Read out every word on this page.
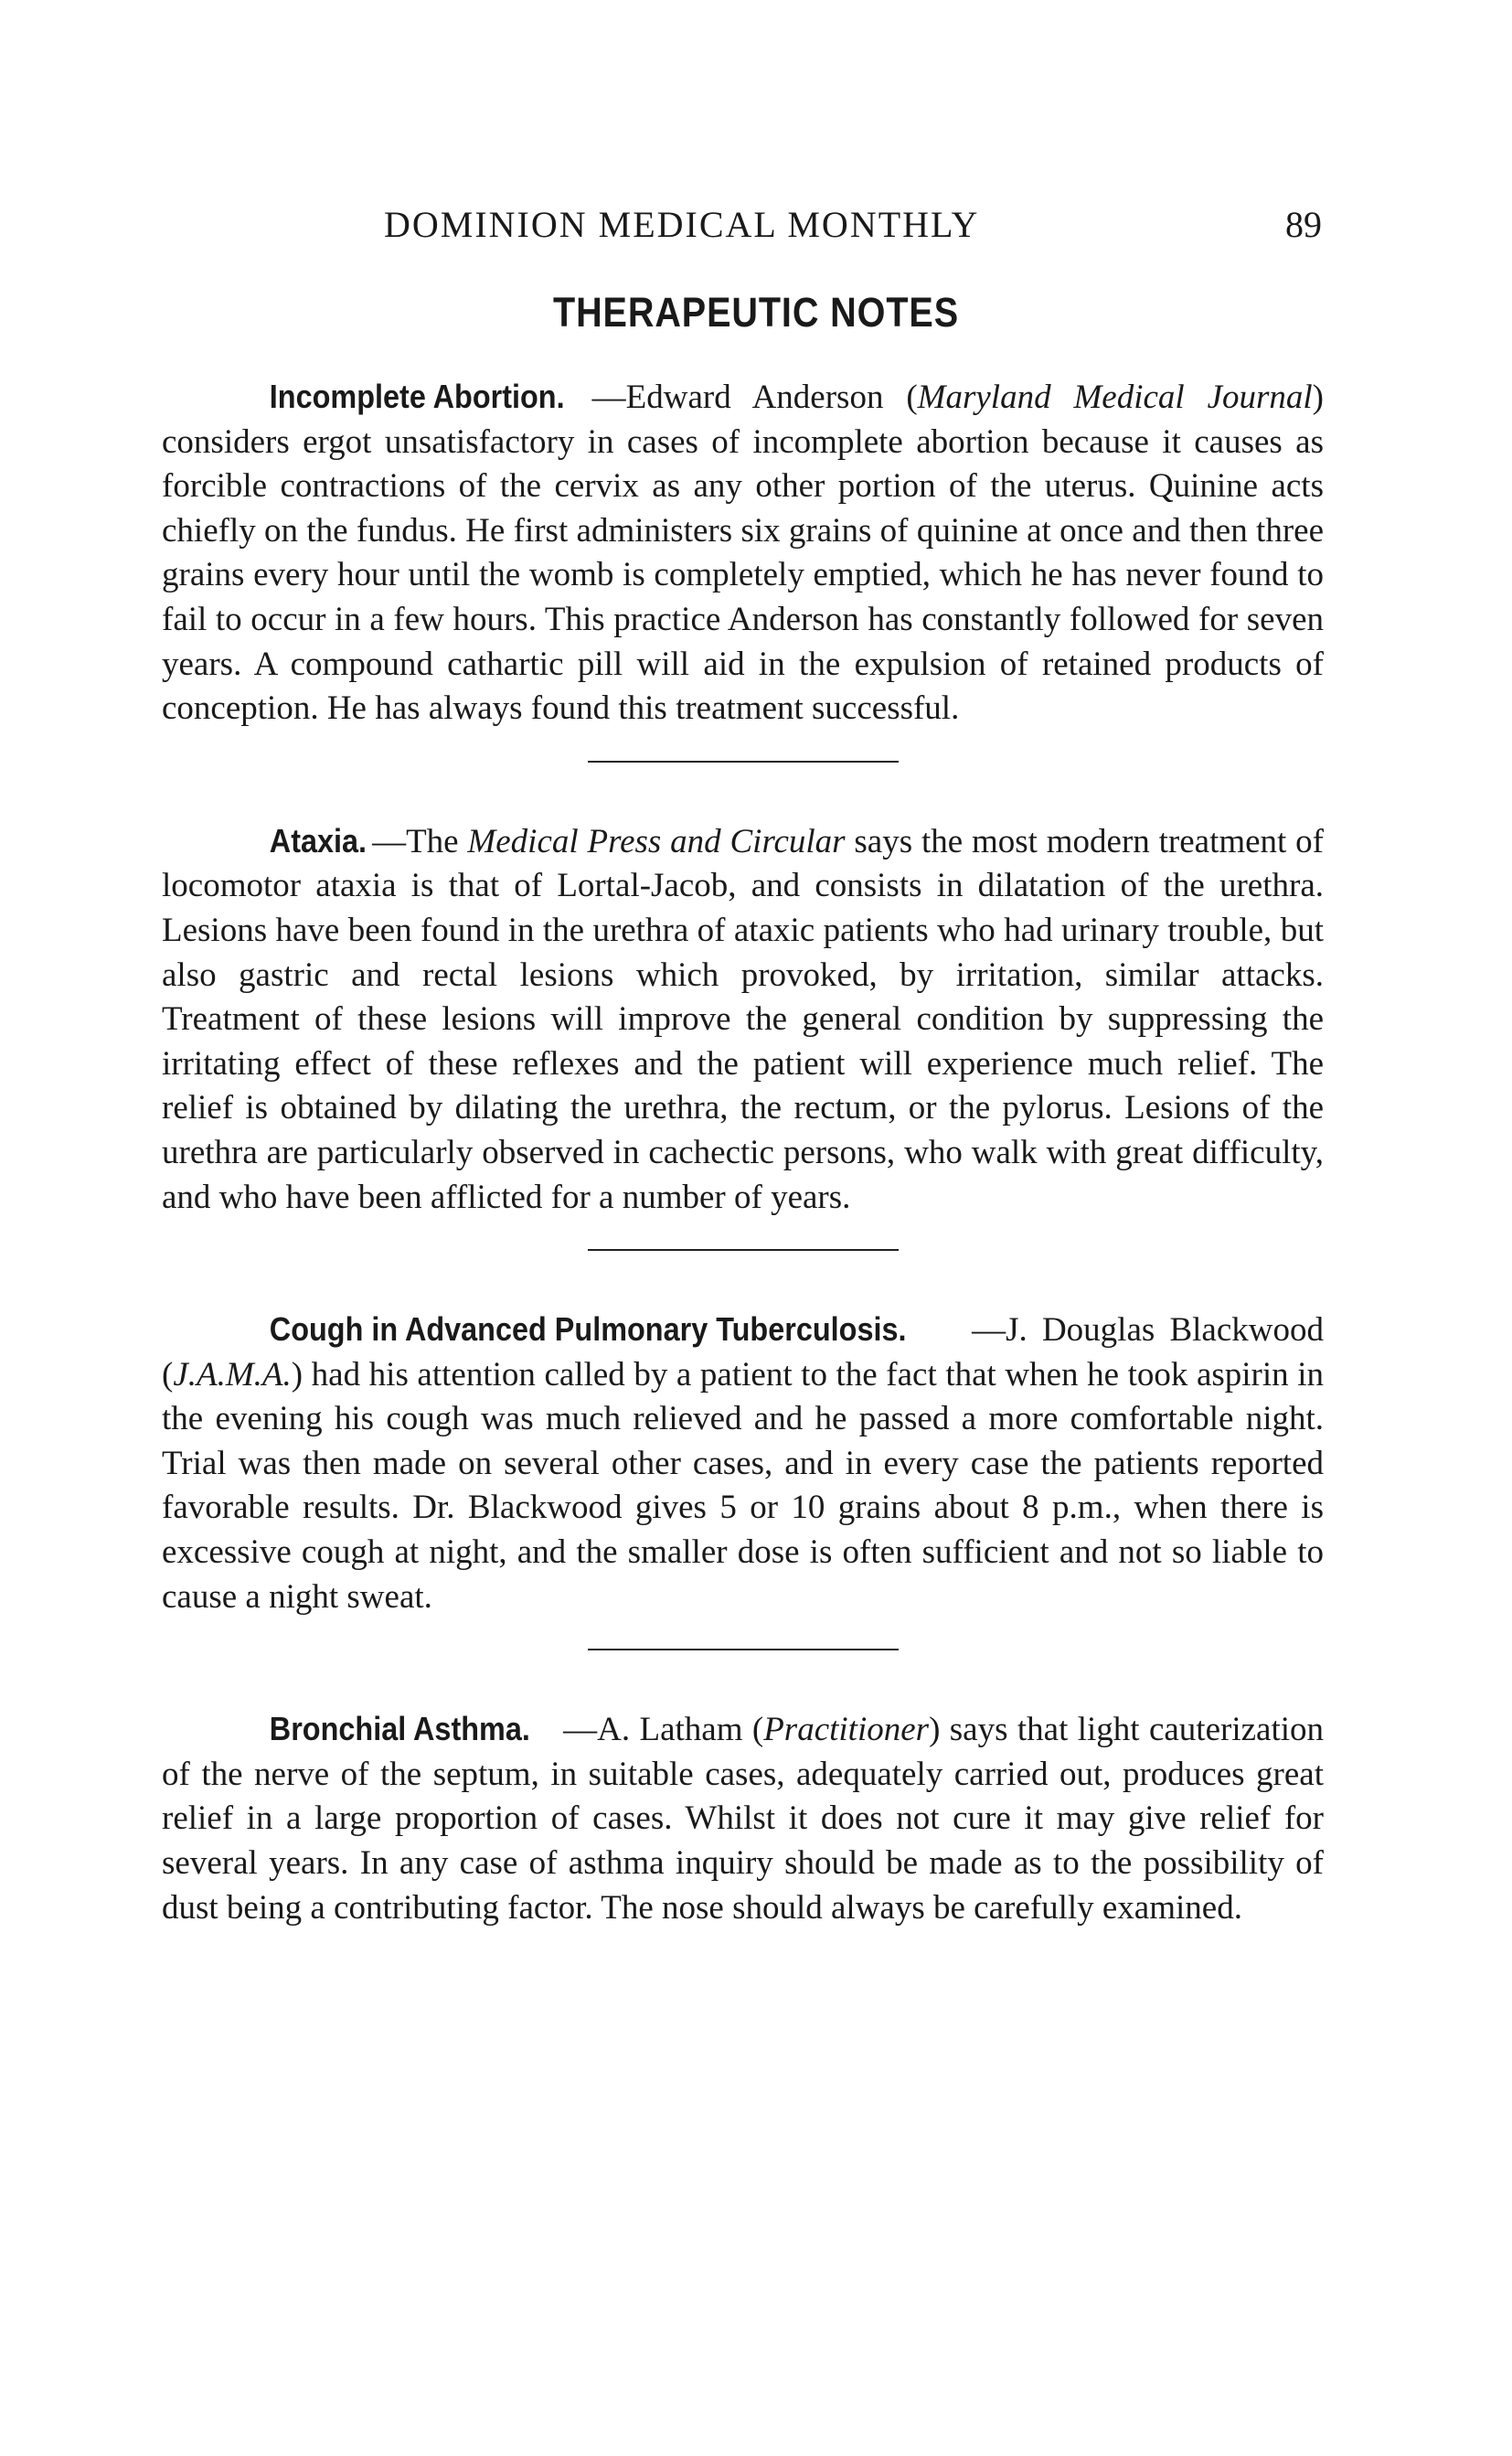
DOMINION MEDICAL MONTHLY	89
THERAPEUTIC NOTES

Incomplete Abortion. —Edward Anderson (Maryland Medical Journal) considers ergot unsatisfactory in cases of incomplete abortion because it causes as forcible contractions of the cervix as any other portion of the uterus. Quinine acts chiefly on the fundus. He first administers six grains of quinine at once and then three grains every hour until the womb is completely emptied, which he has never found to fail to occur in a few hours. This practice Anderson has constantly followed for seven years. A compound cathartic pill will aid in the expulsion of retained products of conception. He has always found this treatment successful.

Ataxia. —The Medical Press and Circular says the most modern treatment of locomotor ataxia is that of Lortal-Jacob, and consists in dilatation of the urethra. Lesions have been found in the urethra of ataxic patients who had urinary trouble, but also gastric and rectal lesions which provoked, by irritation, similar attacks. Treatment of these lesions will improve the general condition by suppressing the irritating effect of these reflexes and the patient will experience much relief. The relief is obtained by dilating the urethra, the rectum, or the pylorus. Lesions of the urethra are particularly observed in cachectic persons, who walk with great difficulty, and who have been afflicted for a number of years.

Cough in Advanced Pulmonary Tuberculosis. —J. Douglas Blackwood (J.A.M.A.) had his attention called by a patient to the fact that when he took aspirin in the evening his cough was much relieved and he passed a more comfortable night. Trial was then made on several other cases, and in every case the patients reported favorable results. Dr. Blackwood gives 5 or 10 grains about 8 p.m., when there is excessive cough at night, and the smaller dose is often sufficient and not so liable to cause a night sweat.

Bronchial Asthma. —A. Latham (Practitioner) says that light cauterization of the nerve of the septum, in suitable cases, adequately carried out, produces great relief in a large proportion of cases. Whilst it does not cure it may give relief for several years. In any case of asthma inquiry should be made as to the possibility of dust being a contributing factor. The nose should always be carefully examined.
